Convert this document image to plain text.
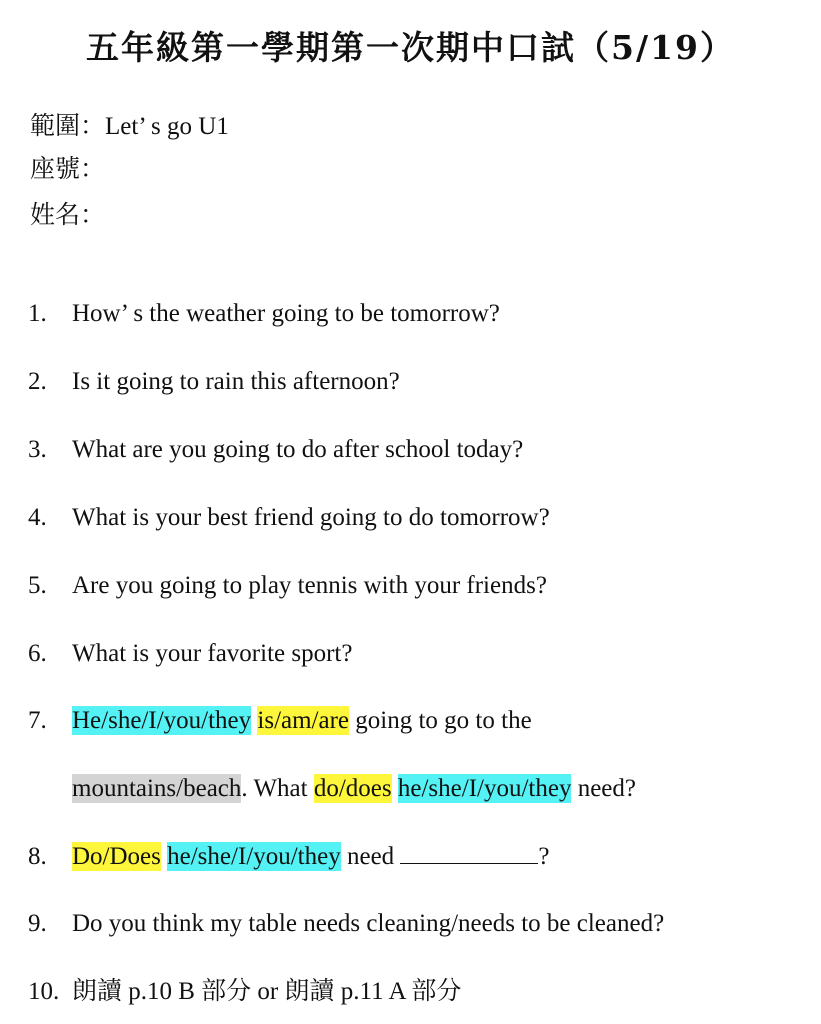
五年級第一學期第一次期中口試（5/19）
範圍：Let’ s go U1
座號：
姓名：
1. How’ s the weather going to be tomorrow?
2. Is it going to rain this afternoon?
3. What are you going to do after school today?
4. What is your best friend going to do tomorrow?
5. Are you going to play tennis with your friends?
6. What is your favorite sport?
7. He/she/I/you/they is/am/are going to go to the
mountains/beach. What do/does he/she/I/you/they need?
8. Do/Does he/she/I/you/they need	?
9. Do you think my table needs cleaning/needs to be cleaned?
10. 朗讀 p.10 B 部分 or 朗讀 p.11 A 部分
